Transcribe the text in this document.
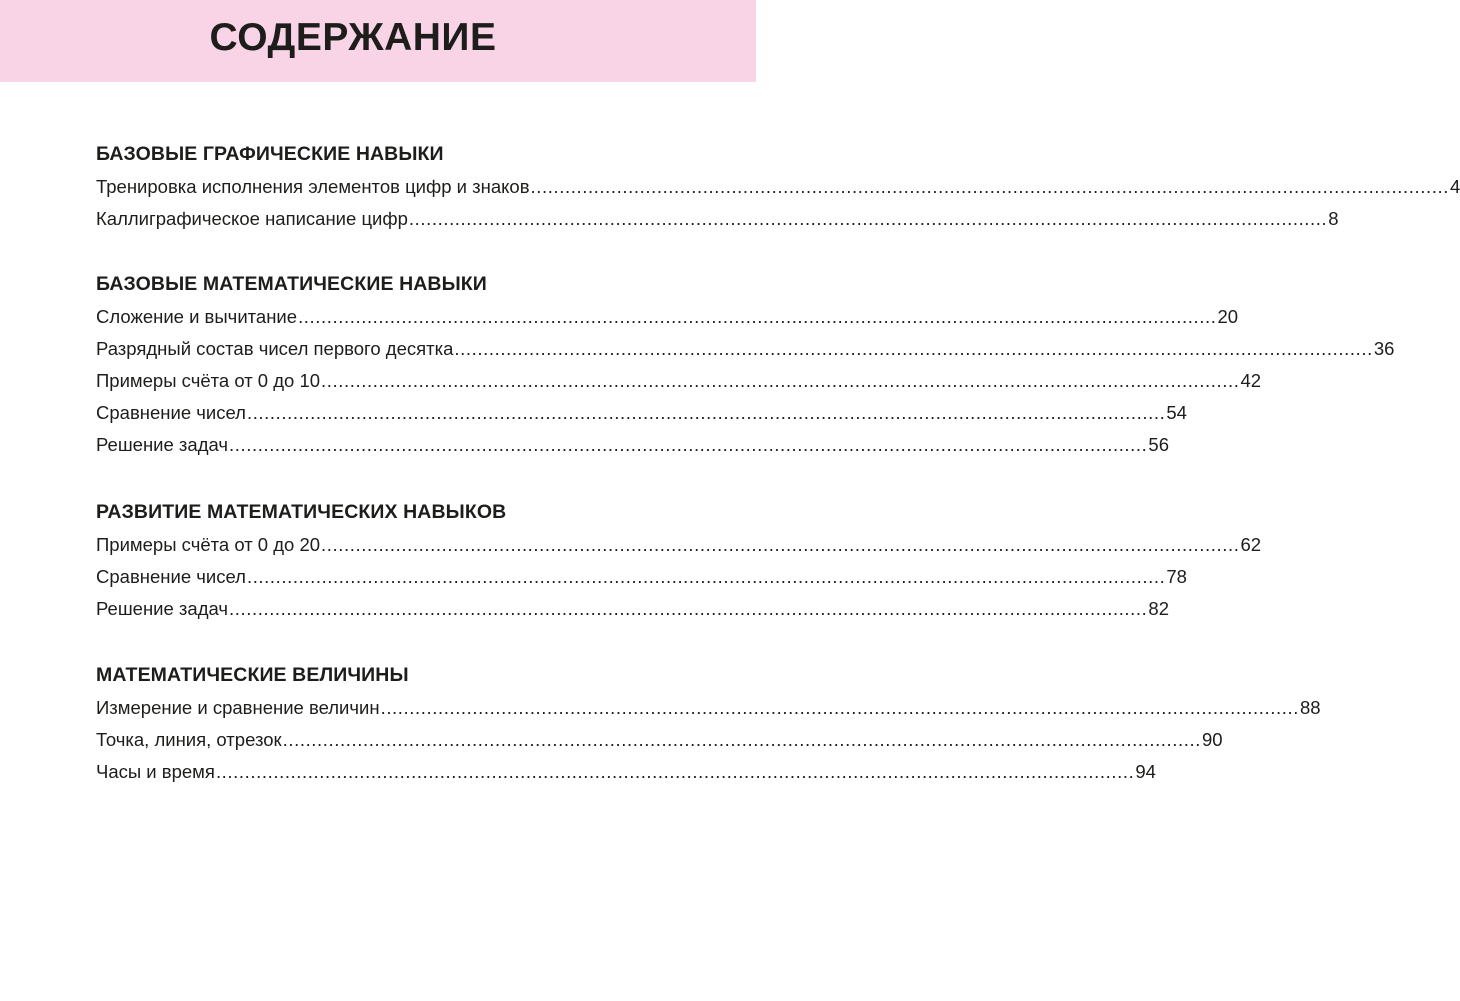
СОДЕРЖАНИЕ
БАЗОВЫЕ ГРАФИЧЕСКИЕ НАВЫКИ
Тренировка исполнения элементов цифр и знаков ................................................................................................................................................................ 4
Каллиграфическое написание цифр ................................................................................................................................................................ 8
БАЗОВЫЕ МАТЕМАТИЧЕСКИЕ НАВЫКИ
Сложение и вычитание ................................................................................................................................................................ 20
Разрядный состав чисел первого десятка ................................................................................................................................................................ 36
Примеры счёта от 0 до 10 ................................................................................................................................................................ 42
Сравнение чисел ................................................................................................................................................................ 54
Решение задач ................................................................................................................................................................ 56
РАЗВИТИЕ МАТЕМАТИЧЕСКИХ НАВЫКОВ
Примеры счёта от 0 до 20 ................................................................................................................................................................ 62
Сравнение чисел ................................................................................................................................................................ 78
Решение задач ................................................................................................................................................................ 82
МАТЕМАТИЧЕСКИЕ ВЕЛИЧИНЫ
Измерение и сравнение величин ................................................................................................................................................................ 88
Точка, линия, отрезок ................................................................................................................................................................ 90
Часы и время ................................................................................................................................................................ 94
